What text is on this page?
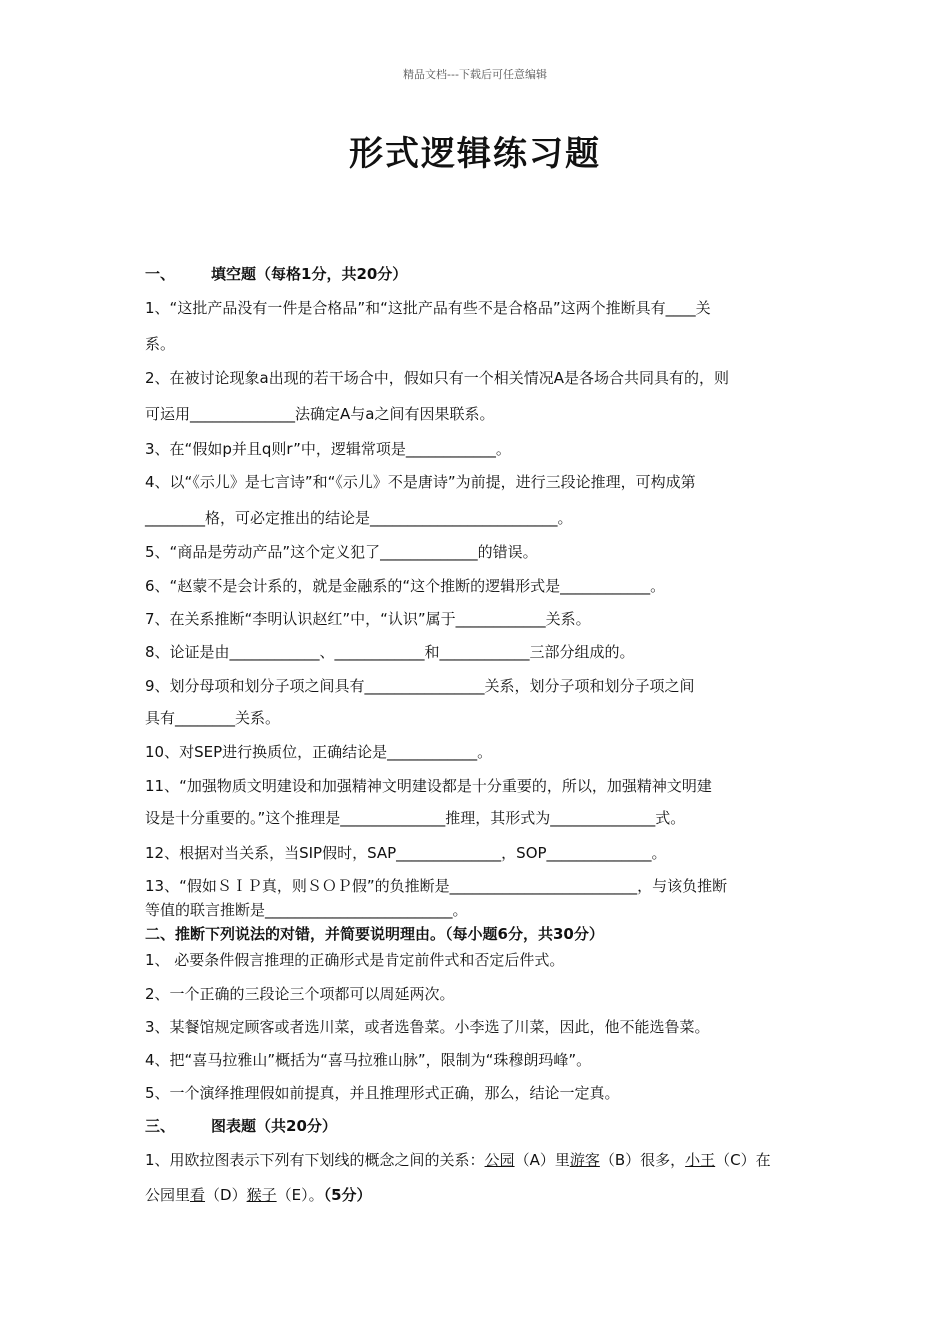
精品文档---下载后可任意编辑
形式逻辑练习题
一、 填空题（每格1分，共20分）
1、“这批产品没有一件是合格品”和“这批产品有些不是合格品”这两个推断具有____关
系。
2、在被讨论现象a出现的若干场合中，假如只有一个相关情况A是各场合共同具有的，则
可运用______________法确定A与a之间有因果联系。
3、在“假如p并且q则r”中，逻辑常项是____________。
4、以“《示儿》是七言诗”和“《示儿》不是唐诗”为前提，进行三段论推理，可构成第
________格，可必定推出的结论是_________________________。
5、“商品是劳动产品”这个定义犯了_____________的错误。
6、“赵蒙不是会计系的，就是金融系的“这个推断的逻辑形式是____________。
7、在关系推断“李明认识赵红”中，“认识”属于____________关系。
8、论证是由____________、____________和____________三部分组成的。
9、划分母项和划分子项之间具有________________关系，划分子项和划分子项之间
具有________关系。
10、对SEP进行换质位，正确结论是____________。
11、“加强物质文明建设和加强精神文明建设都是十分重要的，所以，加强精神文明建
设是十分重要的。”这个推理是______________推理，其形式为______________式。
12、根据对当关系，当SIP假时，SAP______________，SOP______________。
13、“假如ＳＩＰ真，则ＳＯＰ假”的负推断是_________________________，与该负推断
等值的联言推断是_________________________。
二、推断下列说法的对错，并简要说明理由。（每小题6分，共30分）
1、 必要条件假言推理的正确形式是肯定前件式和否定后件式。
2、一个正确的三段论三个项都可以周延两次。
3、某餐馆规定顾客或者选川菜，或者选鲁菜。小李选了川菜，因此，他不能选鲁菜。
4、把“喜马拉雅山”概括为“喜马拉雅山脉”，限制为“珠穆朗玛峰”。
5、一个演绎推理假如前提真，并且推理形式正确，那么，结论一定真。
三、 图表题（共20分）
1、用欧拉图表示下列有下划线的概念之间的关系：公园（A）里游客（B）很多，小王（C）在
公园里看（D）猴子（E）。（5分）
